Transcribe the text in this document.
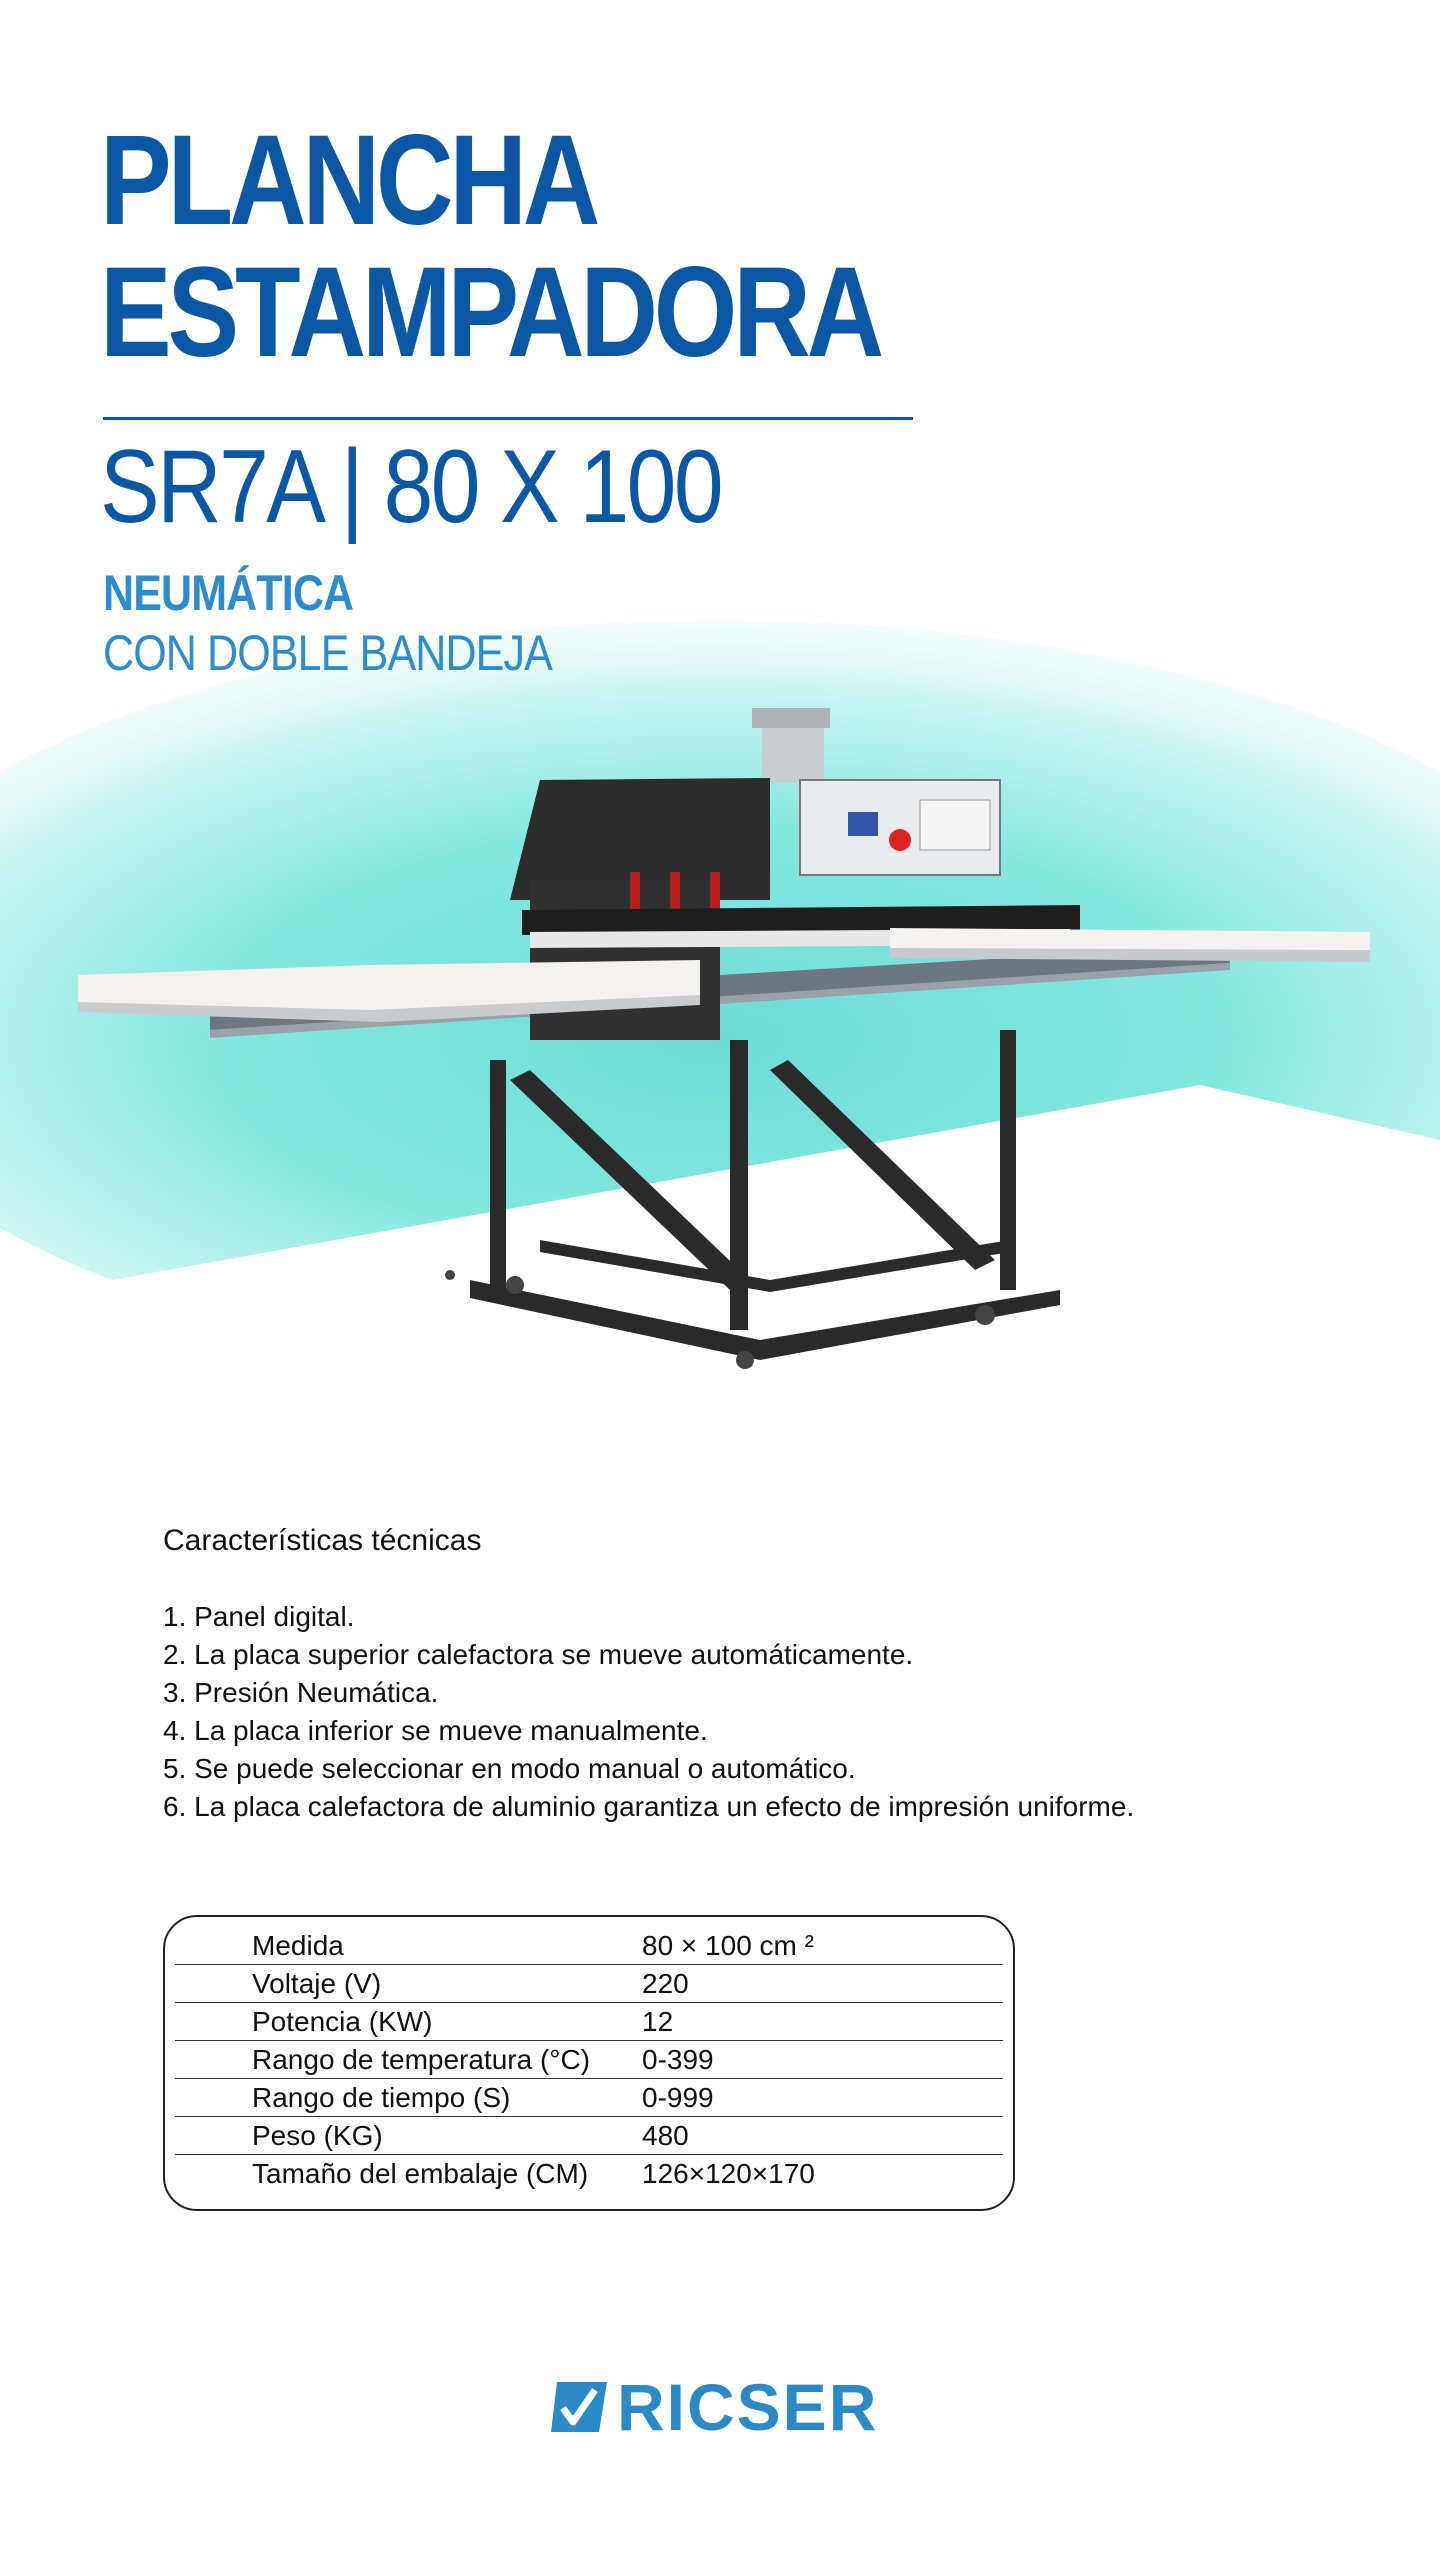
PLANCHA
ESTAMPADORA
SR7A | 80 X 100
NEUMÁTICA
CON DOBLE BANDEJA
Características técnicas
1. Panel digital.
2. La placa superior calefactora se mueve automáticamente.
3. Presión Neumática.
4. La placa inferior se mueve manualmente.
5. Se puede seleccionar en modo manual o automático.
6. La placa calefactora de aluminio garantiza un efecto de impresión uniforme.
Medida	80 × 100 cm ²
Voltaje (V)	220
Potencia (KW)	12
Rango de temperatura (°C)	0-399
Rango de tiempo (S)	0-999
Peso (KG)	480
Tamaño del embalaje (CM)	126×120×170
RICSER
